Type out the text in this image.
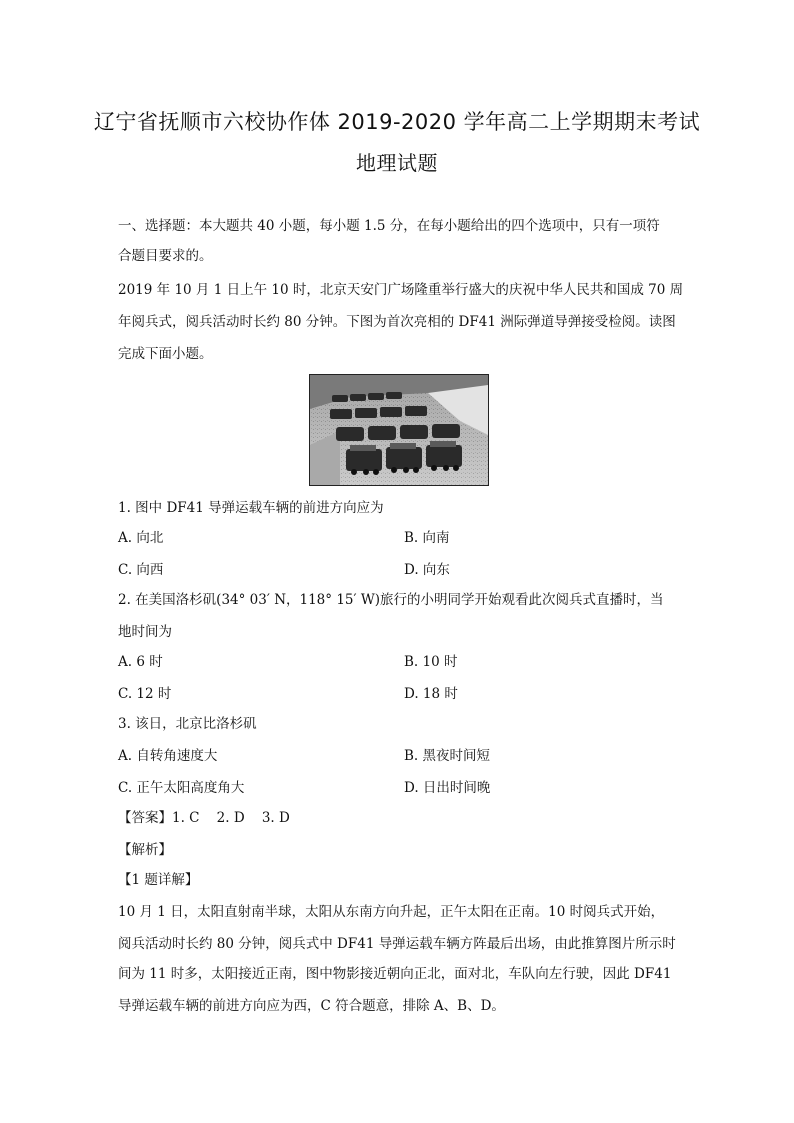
辽宁省抚顺市六校协作体 2019-2020 学年高二上学期期末考试
地理试题
一、选择题：本大题共 40 小题，每小题 1.5 分，在每小题给出的四个选项中，只有一项符
合题目要求的。
2019 年 10 月 1 日上午 10 时，北京天安门广场隆重举行盛大的庆祝中华人民共和国成 70 周
年阅兵式，阅兵活动时长约 80 分钟。下图为首次亮相的 DF41 洲际弹道导弹接受检阅。读图
完成下面小题。
1. 图中 DF41 导弹运载车辆的前进方向应为
A. 向北	B. 向南
C. 向西	D. 向东
2. 在美国洛杉矶(34° 03′ N，118° 15′ W)旅行的小明同学开始观看此次阅兵式直播时，当
地时间为
A. 6 时	B. 10 时
C. 12 时	D. 18 时
3. 该日，北京比洛杉矶
A. 自转角速度大	B. 黑夜时间短
C. 正午太阳高度角大	D. 日出时间晚
【答案】1. C    2. D    3. D
【解析】
【1 题详解】
10 月 1 日，太阳直射南半球，太阳从东南方向升起，正午太阳在正南。10 时阅兵式开始，
阅兵活动时长约 80 分钟，阅兵式中 DF41 导弹运载车辆方阵最后出场，由此推算图片所示时
间为 11 时多，太阳接近正南，图中物影接近朝向正北，面对北，车队向左行驶，因此 DF41
导弹运载车辆的前进方向应为西，C 符合题意，排除 A、B、D。
